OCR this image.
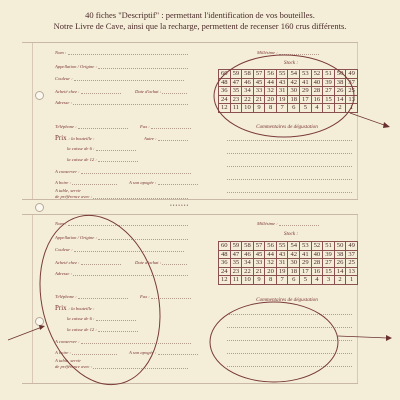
40 fiches "Descriptif" : permettant l'identification de vos bouteilles.
Notre Livre de Cave, ainsi que la recharge, permettent de recenser 160 crus différents.
•••••••
Nom :
Appellation / Origine :
Couleur :
Acheté chez :	Date d'achat :
Adresse :
Téléphone :	Fax :
Prix : la bouteille :	Autre :
la caisse de 6 :
la caisse de 12 :
A conserver :
A boire :	A son apogée :
A table, servir
de préférence avec :
Millésime :
Stock :
60	59	58	57	56	55	54	53	52	51	50	49
48	47	46	45	44	43	42	41	40	39	38	37
36	35	34	33	32	31	30	29	28	27	26	25
24	23	22	21	20	19	18	17	16	15	14	13
12	11	10	9	8	7	6	5	4	3	2	1
Commentaires de dégustation
Nom :
Appellation / Origine :
Couleur :
Acheté chez :	Date d'achat :
Adresse :
Téléphone :	Fax :
Prix : la bouteille :
la caisse de 6 :
la caisse de 12 :
A conserver :
A boire :	A son apogée :
A table, servir
de préférence avec :
Millésime :
Stock :
60	59	58	57	56	55	54	53	52	51	50	49
48	47	46	45	44	43	42	41	40	39	38	37
36	35	34	33	32	31	30	29	28	27	26	25
24	23	22	21	20	19	18	17	16	15	14	13
12	11	10	9	8	7	6	5	4	3	2	1
Commentaires de dégustation
